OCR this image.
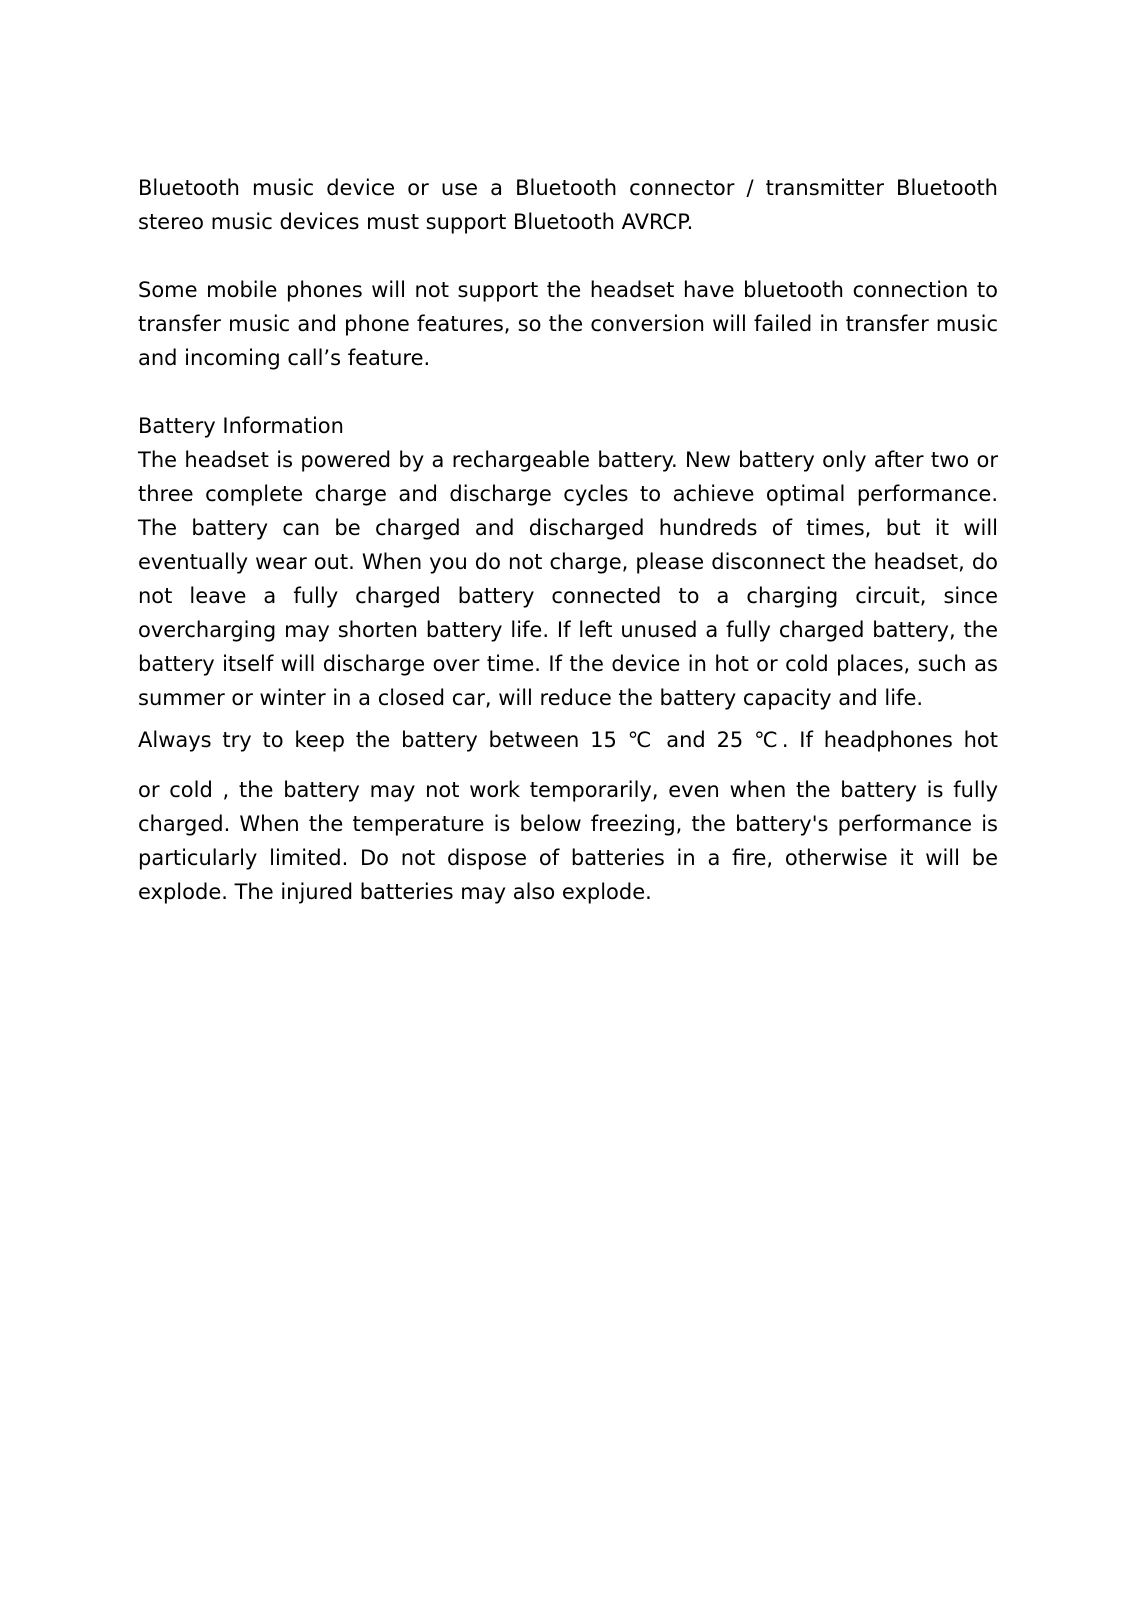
Bluetooth music device or use a Bluetooth connector / transmitter Bluetooth stereo music devices must support Bluetooth AVRCP.

Some mobile phones will not support the headset have bluetooth connection to transfer music and phone features, so the conversion will failed in transfer music and incoming call’s feature.

Battery Information

The headset is powered by a rechargeable battery. New battery only after two or three complete charge and discharge cycles to achieve optimal performance. The battery can be charged and discharged hundreds of times, but it will eventually wear out. When you do not charge, please disconnect the headset, do not leave a fully charged battery connected to a charging circuit, since overcharging may shorten battery life. If left unused a fully charged battery, the battery itself will discharge over time. If the device in hot or cold places, such as summer or winter in a closed car, will reduce the battery capacity and life.

Always try to keep the battery between 15 ℃ and 25 ℃. If headphones hot

or cold , the battery may not work temporarily, even when the battery is fully charged. When the temperature is below freezing, the battery's performance is particularly limited. Do not dispose of batteries in a fire, otherwise it will be explode. The injured batteries may also explode.
